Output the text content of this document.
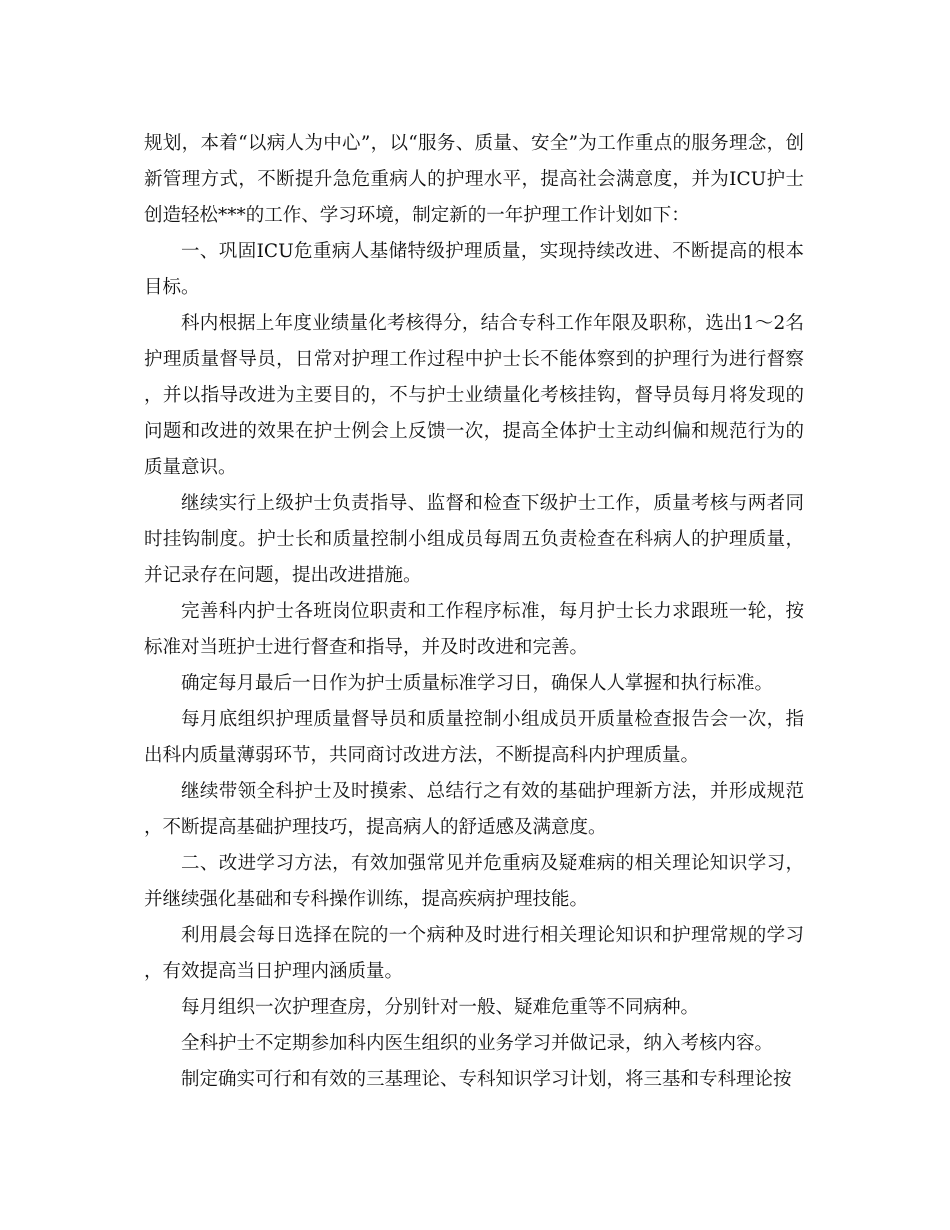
规划，本着“以病人为中心”，以“服务、质量、安全”为工作重点的服务理念，创新管理方式，不断提升急危重病人的护理水平，提高社会满意度，并为ICU护士创造轻松***的工作、学习环境，制定新的一年护理工作计划如下：

一、巩固ICU危重病人基储特级护理质量，实现持续改进、不断提高的根本目标。

科内根据上年度业绩量化考核得分，结合专科工作年限及职称，选出1～2名护理质量督导员，日常对护理工作过程中护士长不能体察到的护理行为进行督察，并以指导改进为主要目的，不与护士业绩量化考核挂钩，督导员每月将发现的问题和改进的效果在护士例会上反馈一次，提高全体护士主动纠偏和规范行为的质量意识。

继续实行上级护士负责指导、监督和检查下级护士工作，质量考核与两者同时挂钩制度。护士长和质量控制小组成员每周五负责检查在科病人的护理质量，并记录存在问题，提出改进措施。

完善科内护士各班岗位职责和工作程序标准，每月护士长力求跟班一轮，按标准对当班护士进行督查和指导，并及时改进和完善。

确定每月最后一日作为护士质量标准学习日，确保人人掌握和执行标准。

每月底组织护理质量督导员和质量控制小组成员开质量检查报告会一次，指出科内质量薄弱环节，共同商讨改进方法，不断提高科内护理质量。

继续带领全科护士及时摸索、总结行之有效的基础护理新方法，并形成规范，不断提高基础护理技巧，提高病人的舒适感及满意度。

二、改进学习方法，有效加强常见并危重病及疑难病的相关理论知识学习，并继续强化基础和专科操作训练，提高疾病护理技能。

利用晨会每日选择在院的一个病种及时进行相关理论知识和护理常规的学习，有效提高当日护理内涵质量。

每月组织一次护理查房，分别针对一般、疑难危重等不同病种。

全科护士不定期参加科内医生组织的业务学习并做记录，纳入考核内容。

制定确实可行和有效的三基理论、专科知识学习计划，将三基和专科理论按
